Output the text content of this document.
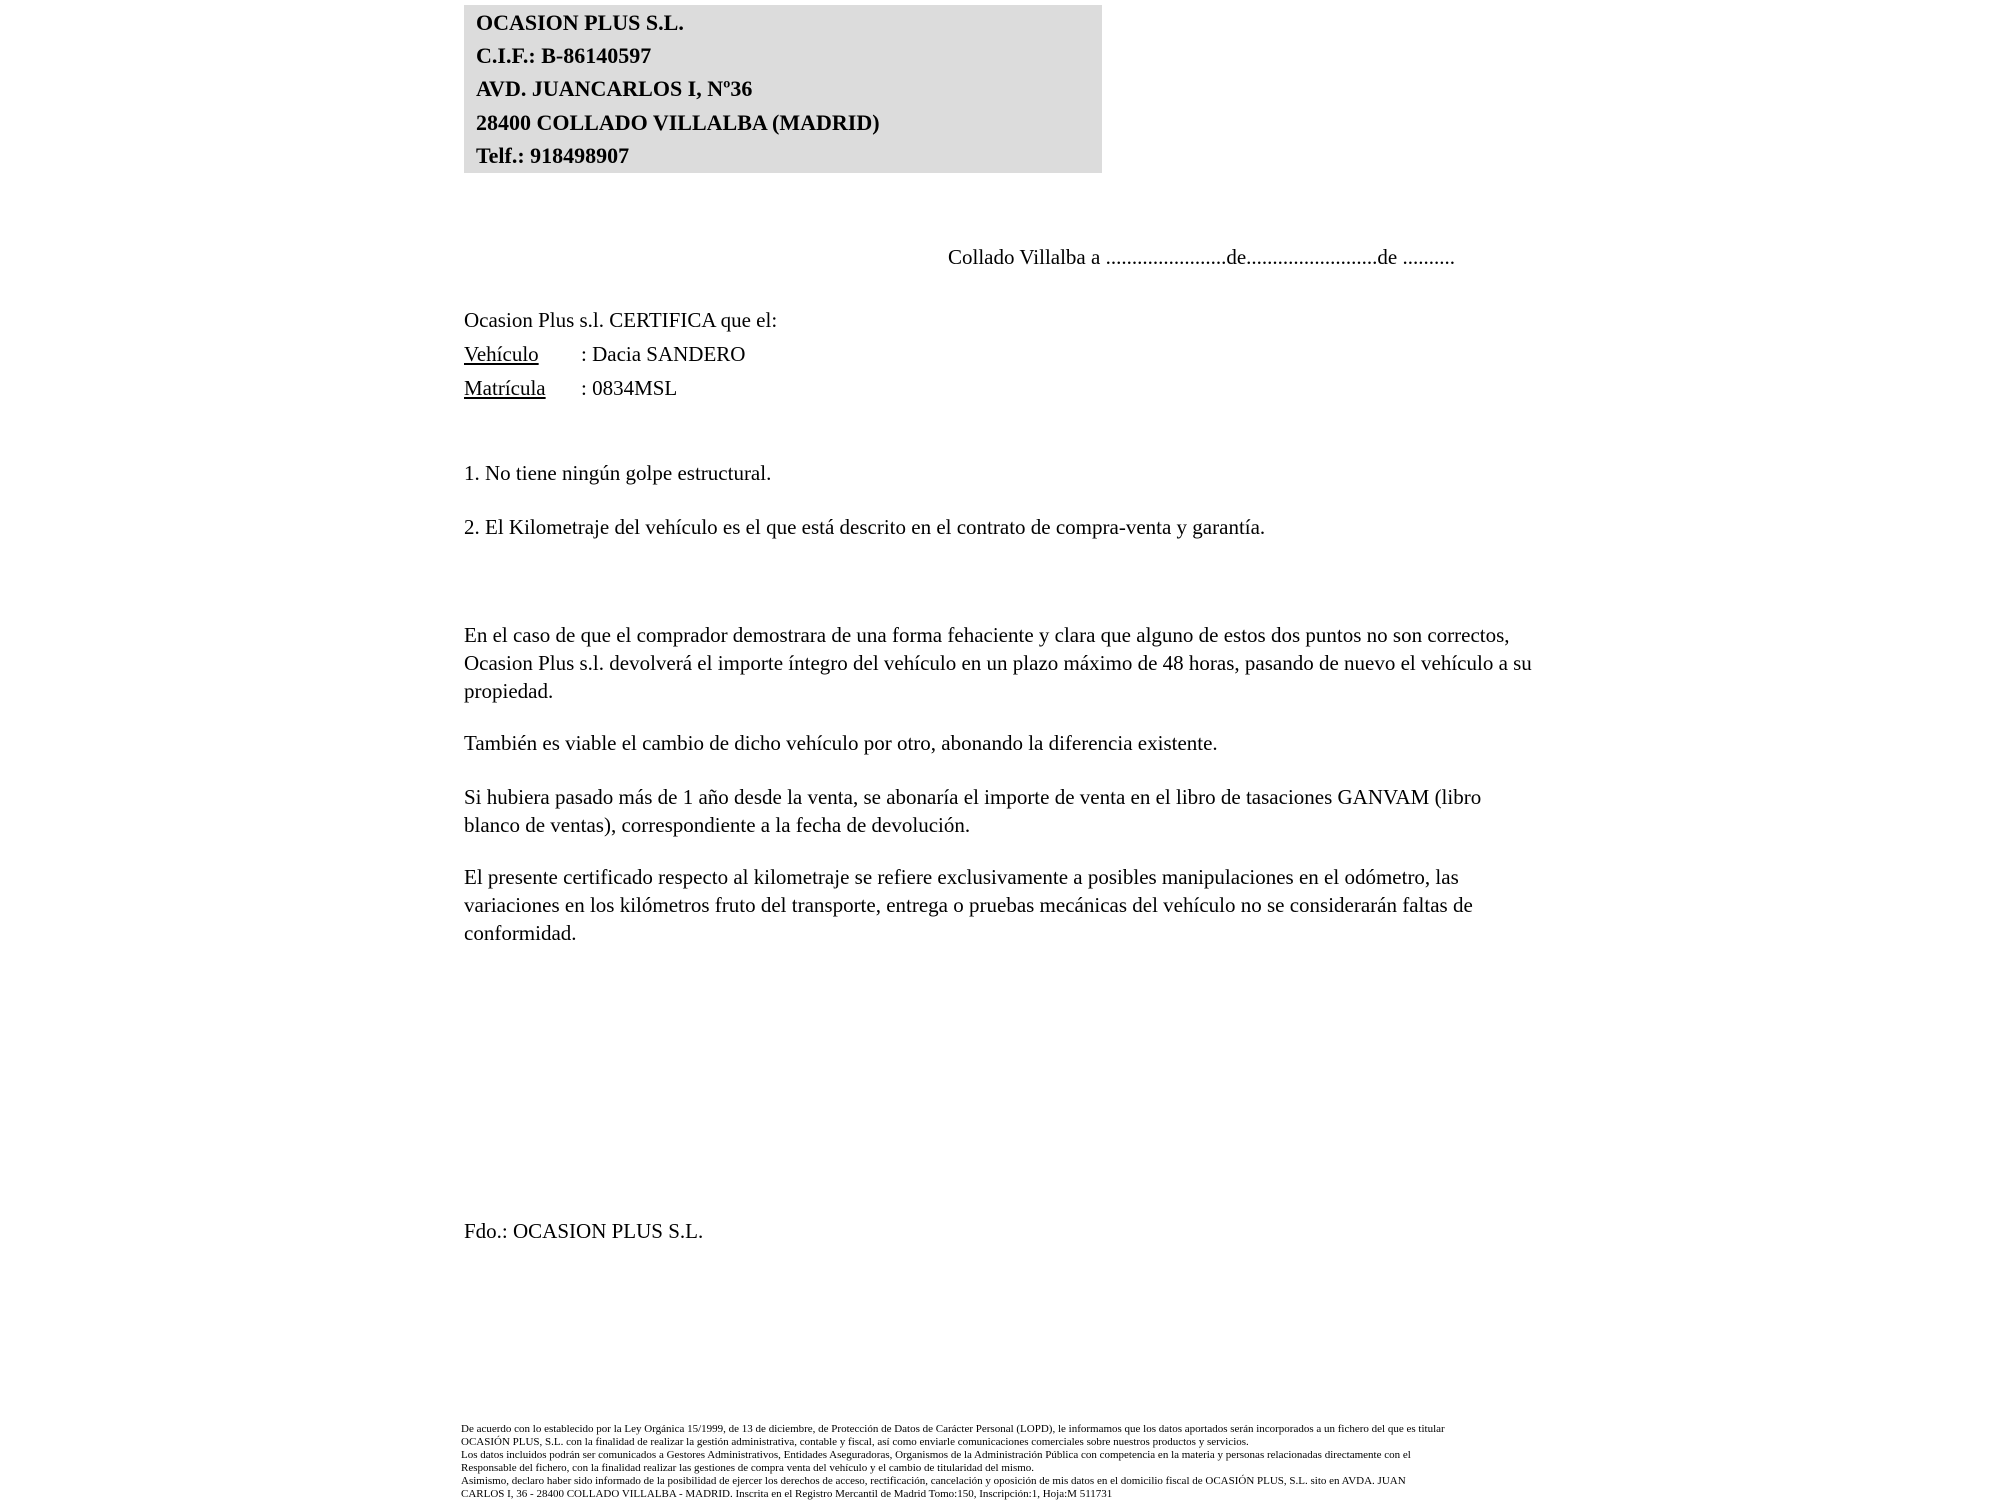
OCASION PLUS S.L.
C.I.F.: B-86140597
AVD. JUANCARLOS I, Nº36
28400 COLLADO VILLALBA (MADRID)
Telf.: 918498907
Collado Villalba a .......................de.........................de ..........
Ocasion Plus s.l. CERTIFICA que el:
Vehículo : Dacia SANDERO
Matrícula : 0834MSL
1. No tiene ningún golpe estructural.
2. El Kilometraje del vehículo es el que está descrito en el contrato de compra-venta y garantía.

En el caso de que el comprador demostrara de una forma fehaciente y clara que alguno de estos dos puntos no son correctos, Ocasion Plus s.l. devolverá el importe íntegro del vehículo en un plazo máximo de 48 horas, pasando de nuevo el vehículo a su propiedad.

También es viable el cambio de dicho vehículo por otro, abonando la diferencia existente.

Si hubiera pasado más de 1 año desde la venta, se abonaría el importe de venta en el libro de tasaciones GANVAM (libro blanco de ventas), correspondiente a la fecha de devolución.

El presente certificado respecto al kilometraje se refiere exclusivamente a posibles manipulaciones en el odómetro, las variaciones en los kilómetros fruto del transporte, entrega o pruebas mecánicas del vehículo no se considerarán faltas de conformidad.

Fdo.: OCASION PLUS S.L.
De acuerdo con lo establecido por la Ley Orgánica 15/1999, de 13 de diciembre, de Protección de Datos de Carácter Personal (LOPD), le informamos que los datos aportados serán incorporados a un fichero del que es titular
OCASIÓN PLUS, S.L. con la finalidad de realizar la gestión administrativa, contable y fiscal, así como enviarle comunicaciones comerciales sobre nuestros productos y servicios.
Los datos incluidos podrán ser comunicados a Gestores Administrativos, Entidades Aseguradoras, Organismos de la Administración Pública con competencia en la materia y personas relacionadas directamente con el
Responsable del fichero, con la finalidad realizar las gestiones de compra venta del vehículo y el cambio de titularidad del mismo.
Asimismo, declaro haber sido informado de la posibilidad de ejercer los derechos de acceso, rectificación, cancelación y oposición de mis datos en el domicilio fiscal de OCASIÓN PLUS, S.L. sito en AVDA. JUAN
CARLOS I, 36 - 28400 COLLADO VILLALBA - MADRID. Inscrita en el Registro Mercantil de Madrid Tomo:150, Inscripción:1, Hoja:M 511731
